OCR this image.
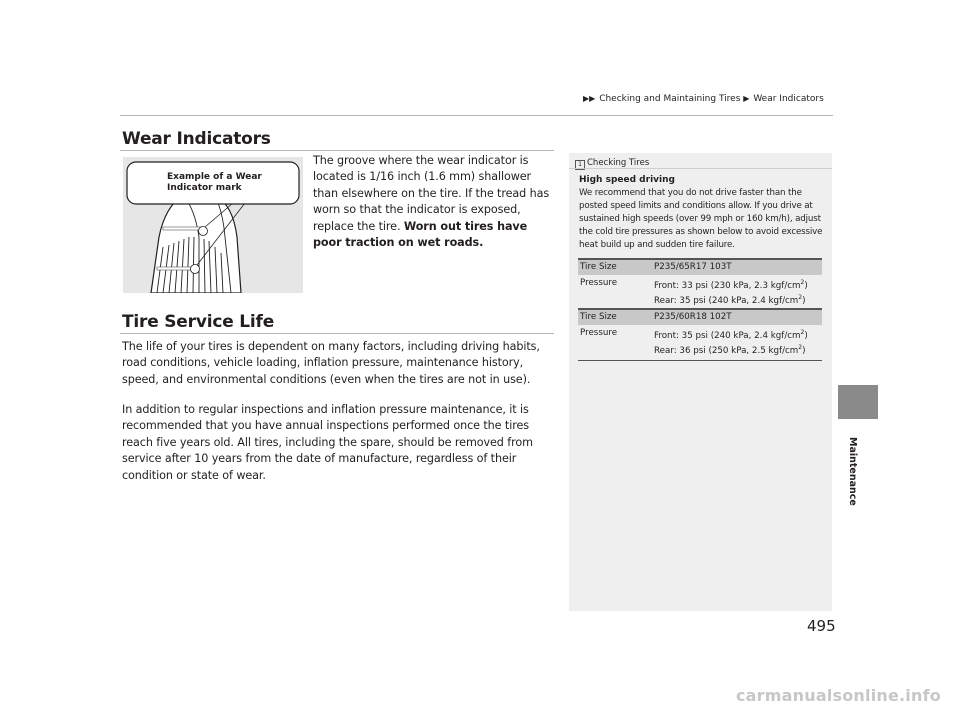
▶▶ Checking and Maintaining Tires ▶ Wear Indicators
Wear Indicators
Example of a Wear
Indicator mark
The groove where the wear indicator is located is 1/16 inch (1.6 mm) shallower than elsewhere on the tire. If the tread has worn so that the indicator is exposed, replace the tire. Worn out tires have poor traction on wet roads.
Tire Service Life
The life of your tires is dependent on many factors, including driving habits, road conditions, vehicle loading, inflation pressure, maintenance history, speed, and environmental conditions (even when the tires are not in use).
In addition to regular inspections and inflation pressure maintenance, it is recommended that you have annual inspections performed once the tires reach five years old. All tires, including the spare, should be removed from service after 10 years from the date of manufacture, regardless of their condition or state of wear.
1 Checking Tires
High speed driving
We recommend that you do not drive faster than the posted speed limits and conditions allow. If you drive at sustained high speeds (over 99 mph or 160 km/h), adjust the cold tire pressures as shown below to avoid excessive heat build up and sudden tire failure.
Tire Size	P235/65R17 103T
Pressure	Front: 33 psi (230 kPa, 2.3 kgf/$cm^2$)
Rear: 35 psi (240 kPa, 2.4 kgf/$cm^2$)
Tire Size	P235/60R18 102T
Pressure	Front: 35 psi (240 kPa, 2.4 kgf/$cm^2$)
Rear: 36 psi (250 kPa, 2.5 kgf/$cm^2$)
Maintenance
495
carmanualsonline.info
